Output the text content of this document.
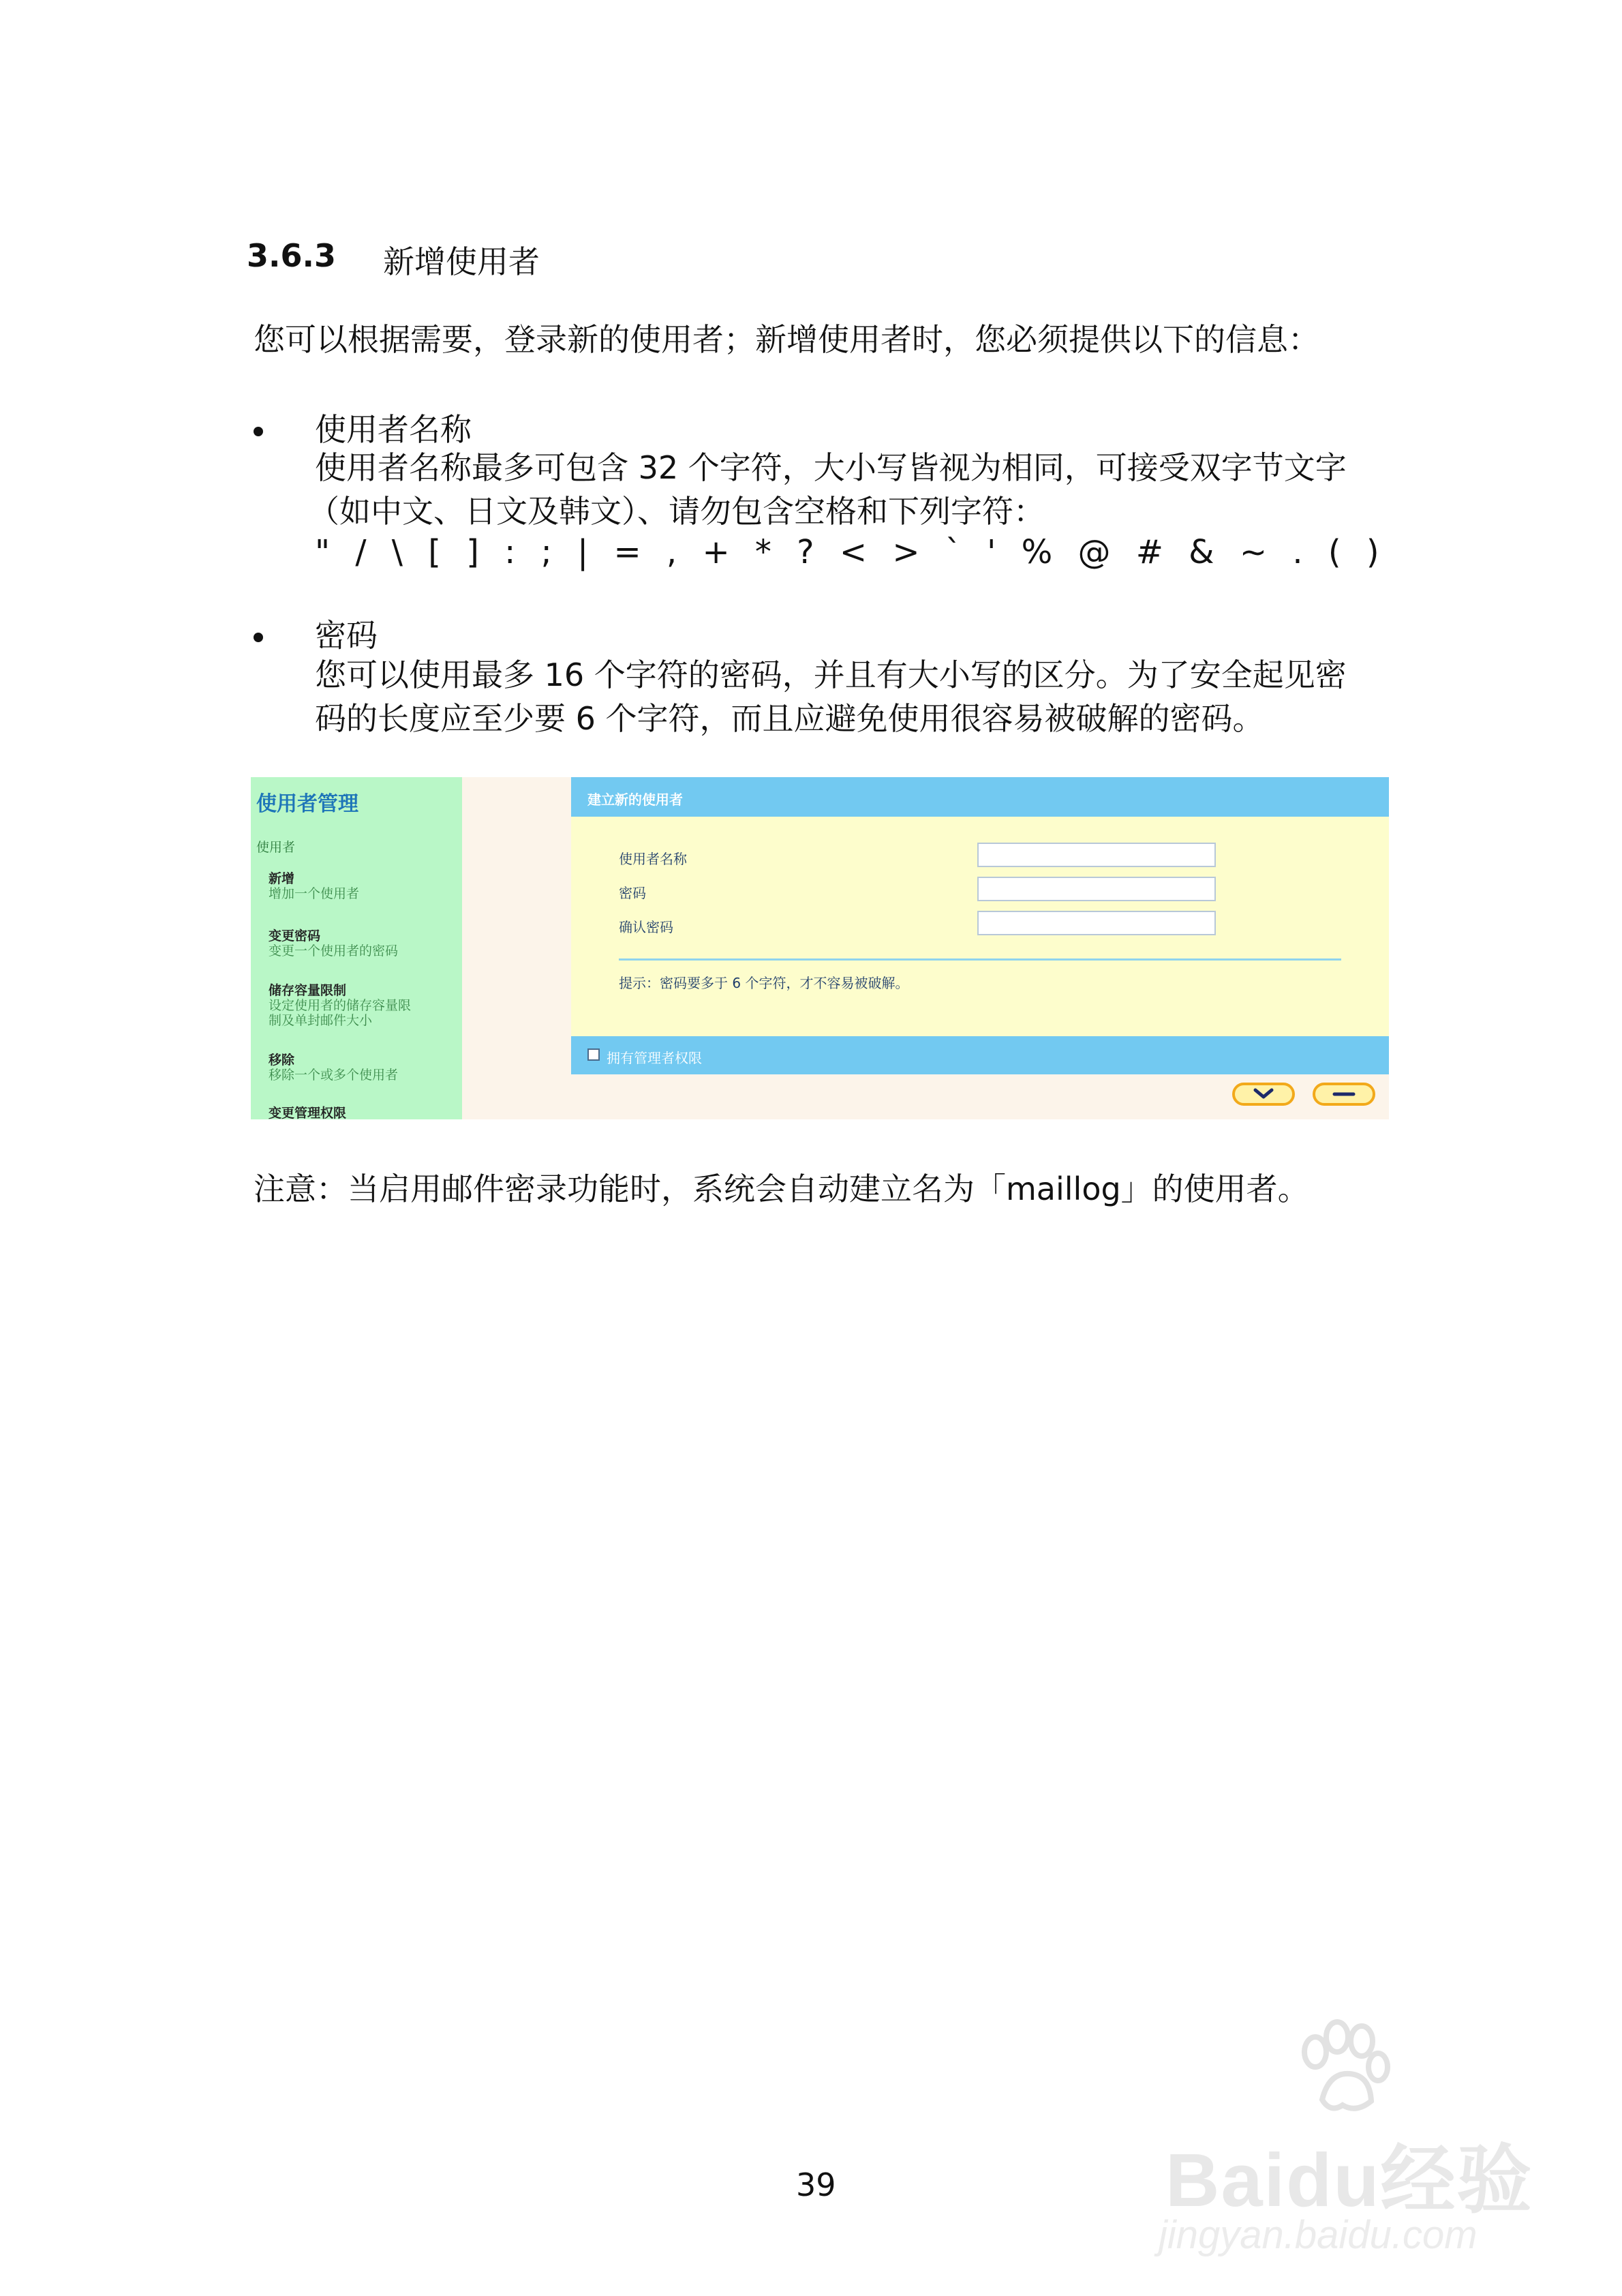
3.6.3 新增使用者
您可以根据需要，登录新的使用者；新增使用者时，您必须提供以下的信息：
使用者名称
使用者名称最多可包含 32 个字符，大小写皆视为相同，可接受双字节文字
（如中文、日文及韩文）、请勿包含空格和下列字符：
" / \ [ ] : ; | = , + * ? < > ` ' % @ # & ~ . ( )
密码
您可以使用最多 16 个字符的密码，并且有大小写的区分。为了安全起见密
码的长度应至少要 6 个字符，而且应避免使用很容易被破解的密码。
使用者管理
使用者
新增
增加一个使用者
变更密码
变更一个使用者的密码
储存容量限制
设定使用者的储存容量限
制及单封邮件大小
移除
移除一个或多个使用者
变更管理权限
建立新的使用者
使用者名称
密码
确认密码
提示：密码要多于 6 个字符，才不容易被破解。
拥有管理者权限
注意：当启用邮件密录功能时，系统会自动建立名为「maillog」的使用者。
39	Baidu经验
jingyan.baidu.com
